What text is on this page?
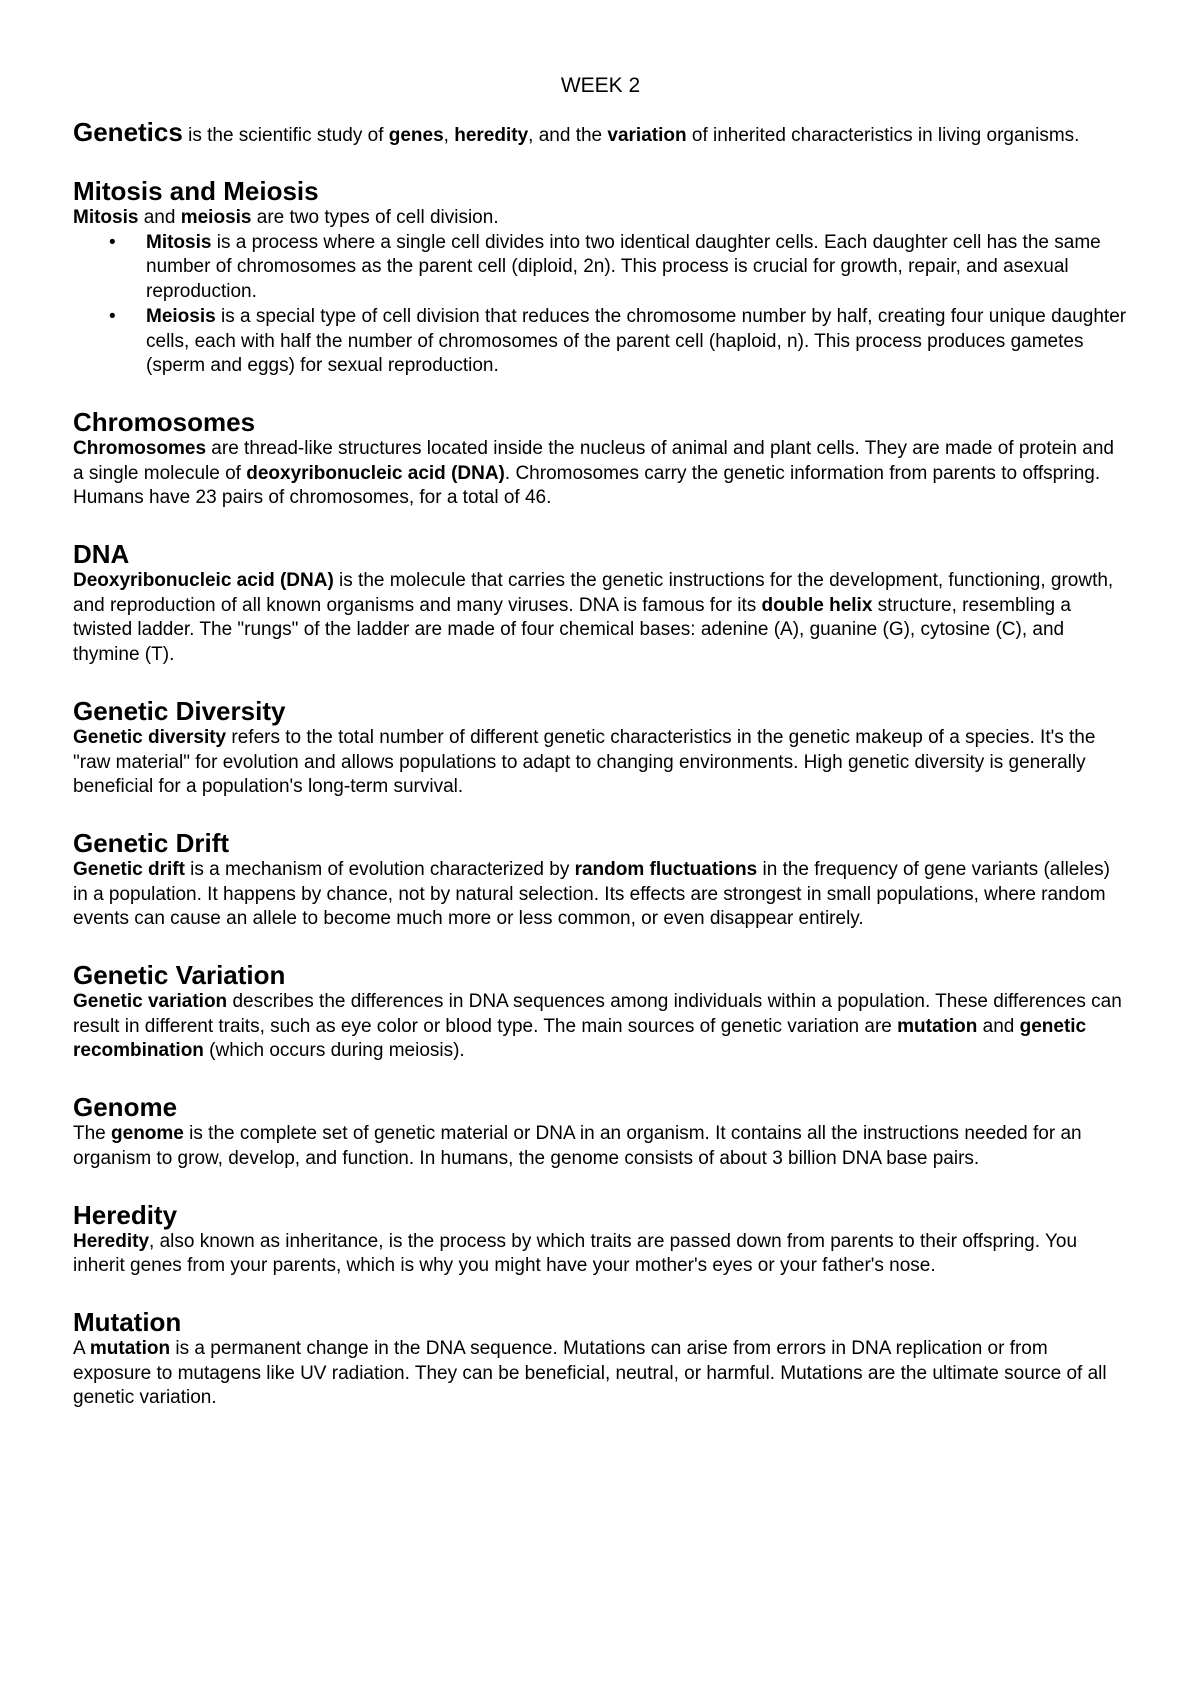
WEEK 2

Genetics is the scientific study of genes, heredity, and the variation of inherited characteristics in living organisms.

Mitosis and Meiosis

Mitosis and meiosis are two types of cell division.

• Mitosis is a process where a single cell divides into two identical daughter cells. Each daughter cell has the same number of chromosomes as the parent cell (diploid, 2n). This process is crucial for growth, repair, and asexual reproduction.
• Meiosis is a special type of cell division that reduces the chromosome number by half, creating four unique daughter cells, each with half the number of chromosomes of the parent cell (haploid, n). This process produces gametes (sperm and eggs) for sexual reproduction.
Chromosomes

Chromosomes are thread-like structures located inside the nucleus of animal and plant cells. They are made of protein and a single molecule of deoxyribonucleic acid (DNA). Chromosomes carry the genetic information from parents to offspring. Humans have 23 pairs of chromosomes, for a total of 46.

DNA

Deoxyribonucleic acid (DNA) is the molecule that carries the genetic instructions for the development, functioning, growth, and reproduction of all known organisms and many viruses. DNA is famous for its double helix structure, resembling a twisted ladder. The "rungs" of the ladder are made of four chemical bases: adenine (A), guanine (G), cytosine (C), and thymine (T).

Genetic Diversity

Genetic diversity refers to the total number of different genetic characteristics in the genetic makeup of a species. It's the "raw material" for evolution and allows populations to adapt to changing environments. High genetic diversity is generally beneficial for a population's long-term survival.

Genetic Drift

Genetic drift is a mechanism of evolution characterized by random fluctuations in the frequency of gene variants (alleles) in a population. It happens by chance, not by natural selection. Its effects are strongest in small populations, where random events can cause an allele to become much more or less common, or even disappear entirely.

Genetic Variation

Genetic variation describes the differences in DNA sequences among individuals within a population. These differences can result in different traits, such as eye color or blood type. The main sources of genetic variation are mutation and genetic recombination (which occurs during meiosis).

Genome

The genome is the complete set of genetic material or DNA in an organism. It contains all the instructions needed for an organism to grow, develop, and function. In humans, the genome consists of about 3 billion DNA base pairs.

Heredity

Heredity, also known as inheritance, is the process by which traits are passed down from parents to their offspring. You inherit genes from your parents, which is why you might have your mother's eyes or your father's nose.

Mutation

A mutation is a permanent change in the DNA sequence. Mutations can arise from errors in DNA replication or from exposure to mutagens like UV radiation. They can be beneficial, neutral, or harmful. Mutations are the ultimate source of all genetic variation.
